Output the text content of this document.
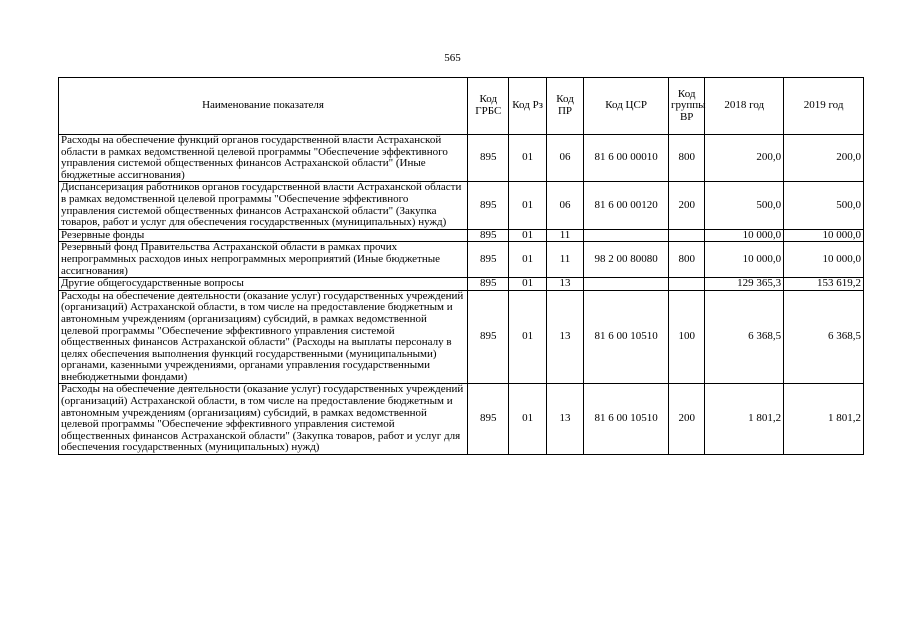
565
Наименование показателя	Код ГРБС	Код Рз	Код ПР	Код ЦСР	Код группы ВР	2018 год	2019 год
Расходы на обеспечение функций органов государственной власти Астраханской области в рамках ведомственной целевой программы "Обеспечение эффективного управления системой общественных финансов Астраханской области" (Иные бюджетные ассигнования)	895	01	06	81 6 00 00010	800	200,0	200,0
Диспансеризация работников органов государственной власти Астраханской области в рамках ведомственной целевой программы "Обеспечение эффективного управления системой общественных финансов Астраханской области" (Закупка товаров, работ и услуг для обеспечения государственных (муниципальных) нужд)	895	01	06	81 6 00 00120	200	500,0	500,0
Резервные фонды	895	01	11			10 000,0	10 000,0
Резервный фонд Правительства Астраханской области в рамках прочих непрограммных расходов иных непрограммных мероприятий (Иные бюджетные ассигнования)	895	01	11	98 2 00 80080	800	10 000,0	10 000,0
Другие общегосударственные вопросы	895	01	13			129 365,3	153 619,2
Расходы на обеспечение деятельности (оказание услуг) государственных учреждений (организаций) Астраханской области, в том числе на предоставление бюджетным и автономным учреждениям (организациям) субсидий, в рамках ведомственной целевой программы "Обеспечение эффективного управления системой общественных финансов Астраханской области" (Расходы на выплаты персоналу в целях обеспечения выполнения функций государственными (муниципальными) органами, казенными учреждениями, органами управления государственными внебюджетными фондами)	895	01	13	81 6 00 10510	100	6 368,5	6 368,5
Расходы на обеспечение деятельности (оказание услуг) государственных учреждений (организаций) Астраханской области, в том числе на предоставление бюджетным и автономным учреждениям (организациям) субсидий, в рамках ведомственной целевой программы "Обеспечение эффективного управления системой общественных финансов Астраханской области" (Закупка товаров, работ и услуг для обеспечения государственных (муниципальных) нужд)	895	01	13	81 6 00 10510	200	1 801,2	1 801,2
